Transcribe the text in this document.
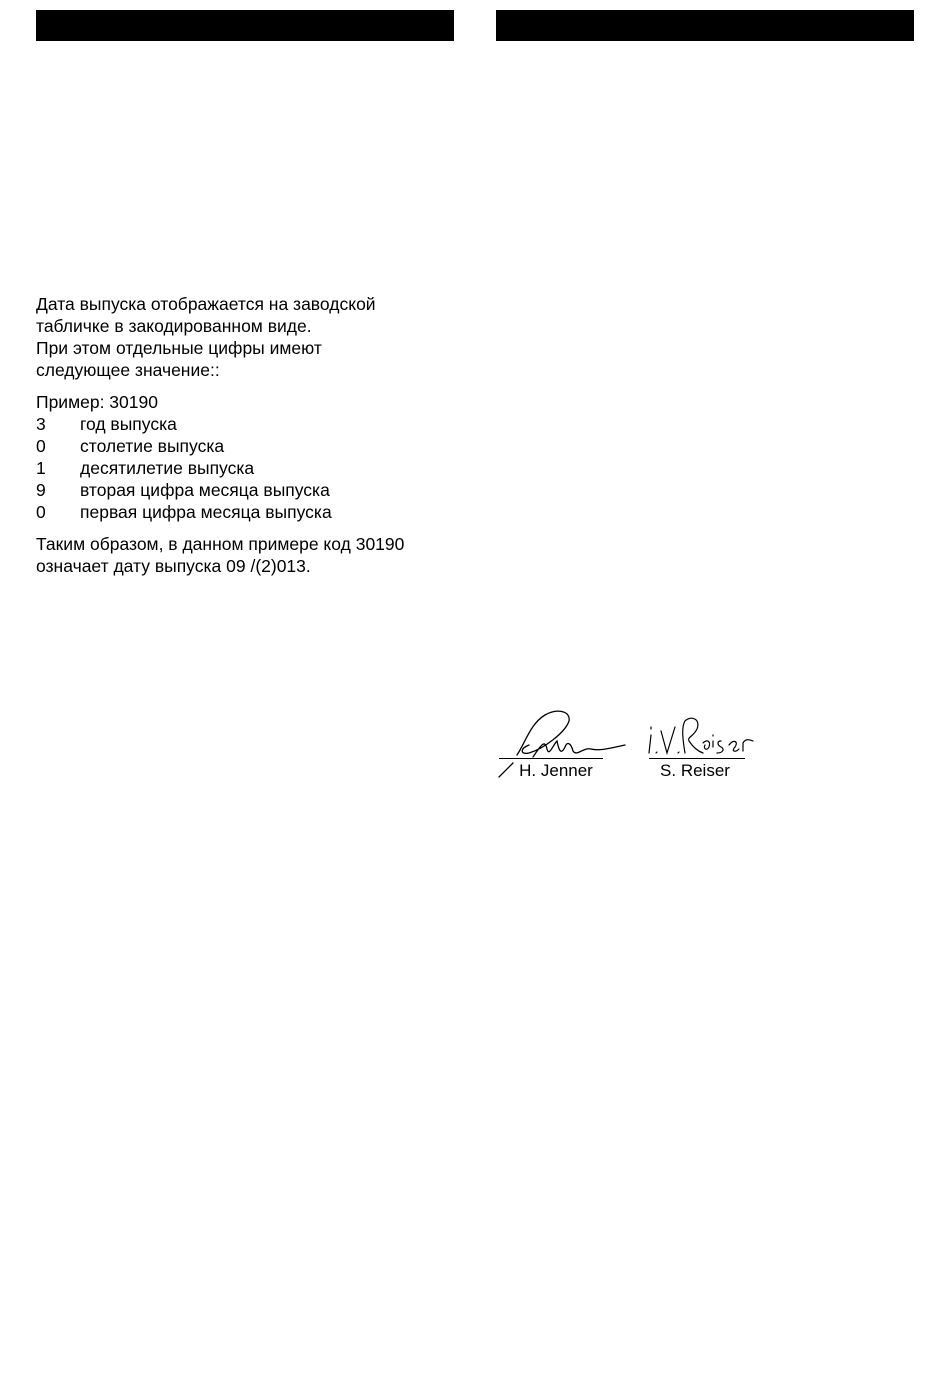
Дата выпуска отображается на заводской
табличке в закодированном виде.
При этом отдельные цифры имеют
следующее значение::

Пример: 30190

3	год выпуска
0	столетие выпуска
1	десятилетие выпуска
9	вторая цифра месяца выпуска
0	первая цифра месяца выпуска

Таким образом, в данном примере код 30190
означает дату выпуска 09 /(2)013.

H. Jenner	S. Reiser
